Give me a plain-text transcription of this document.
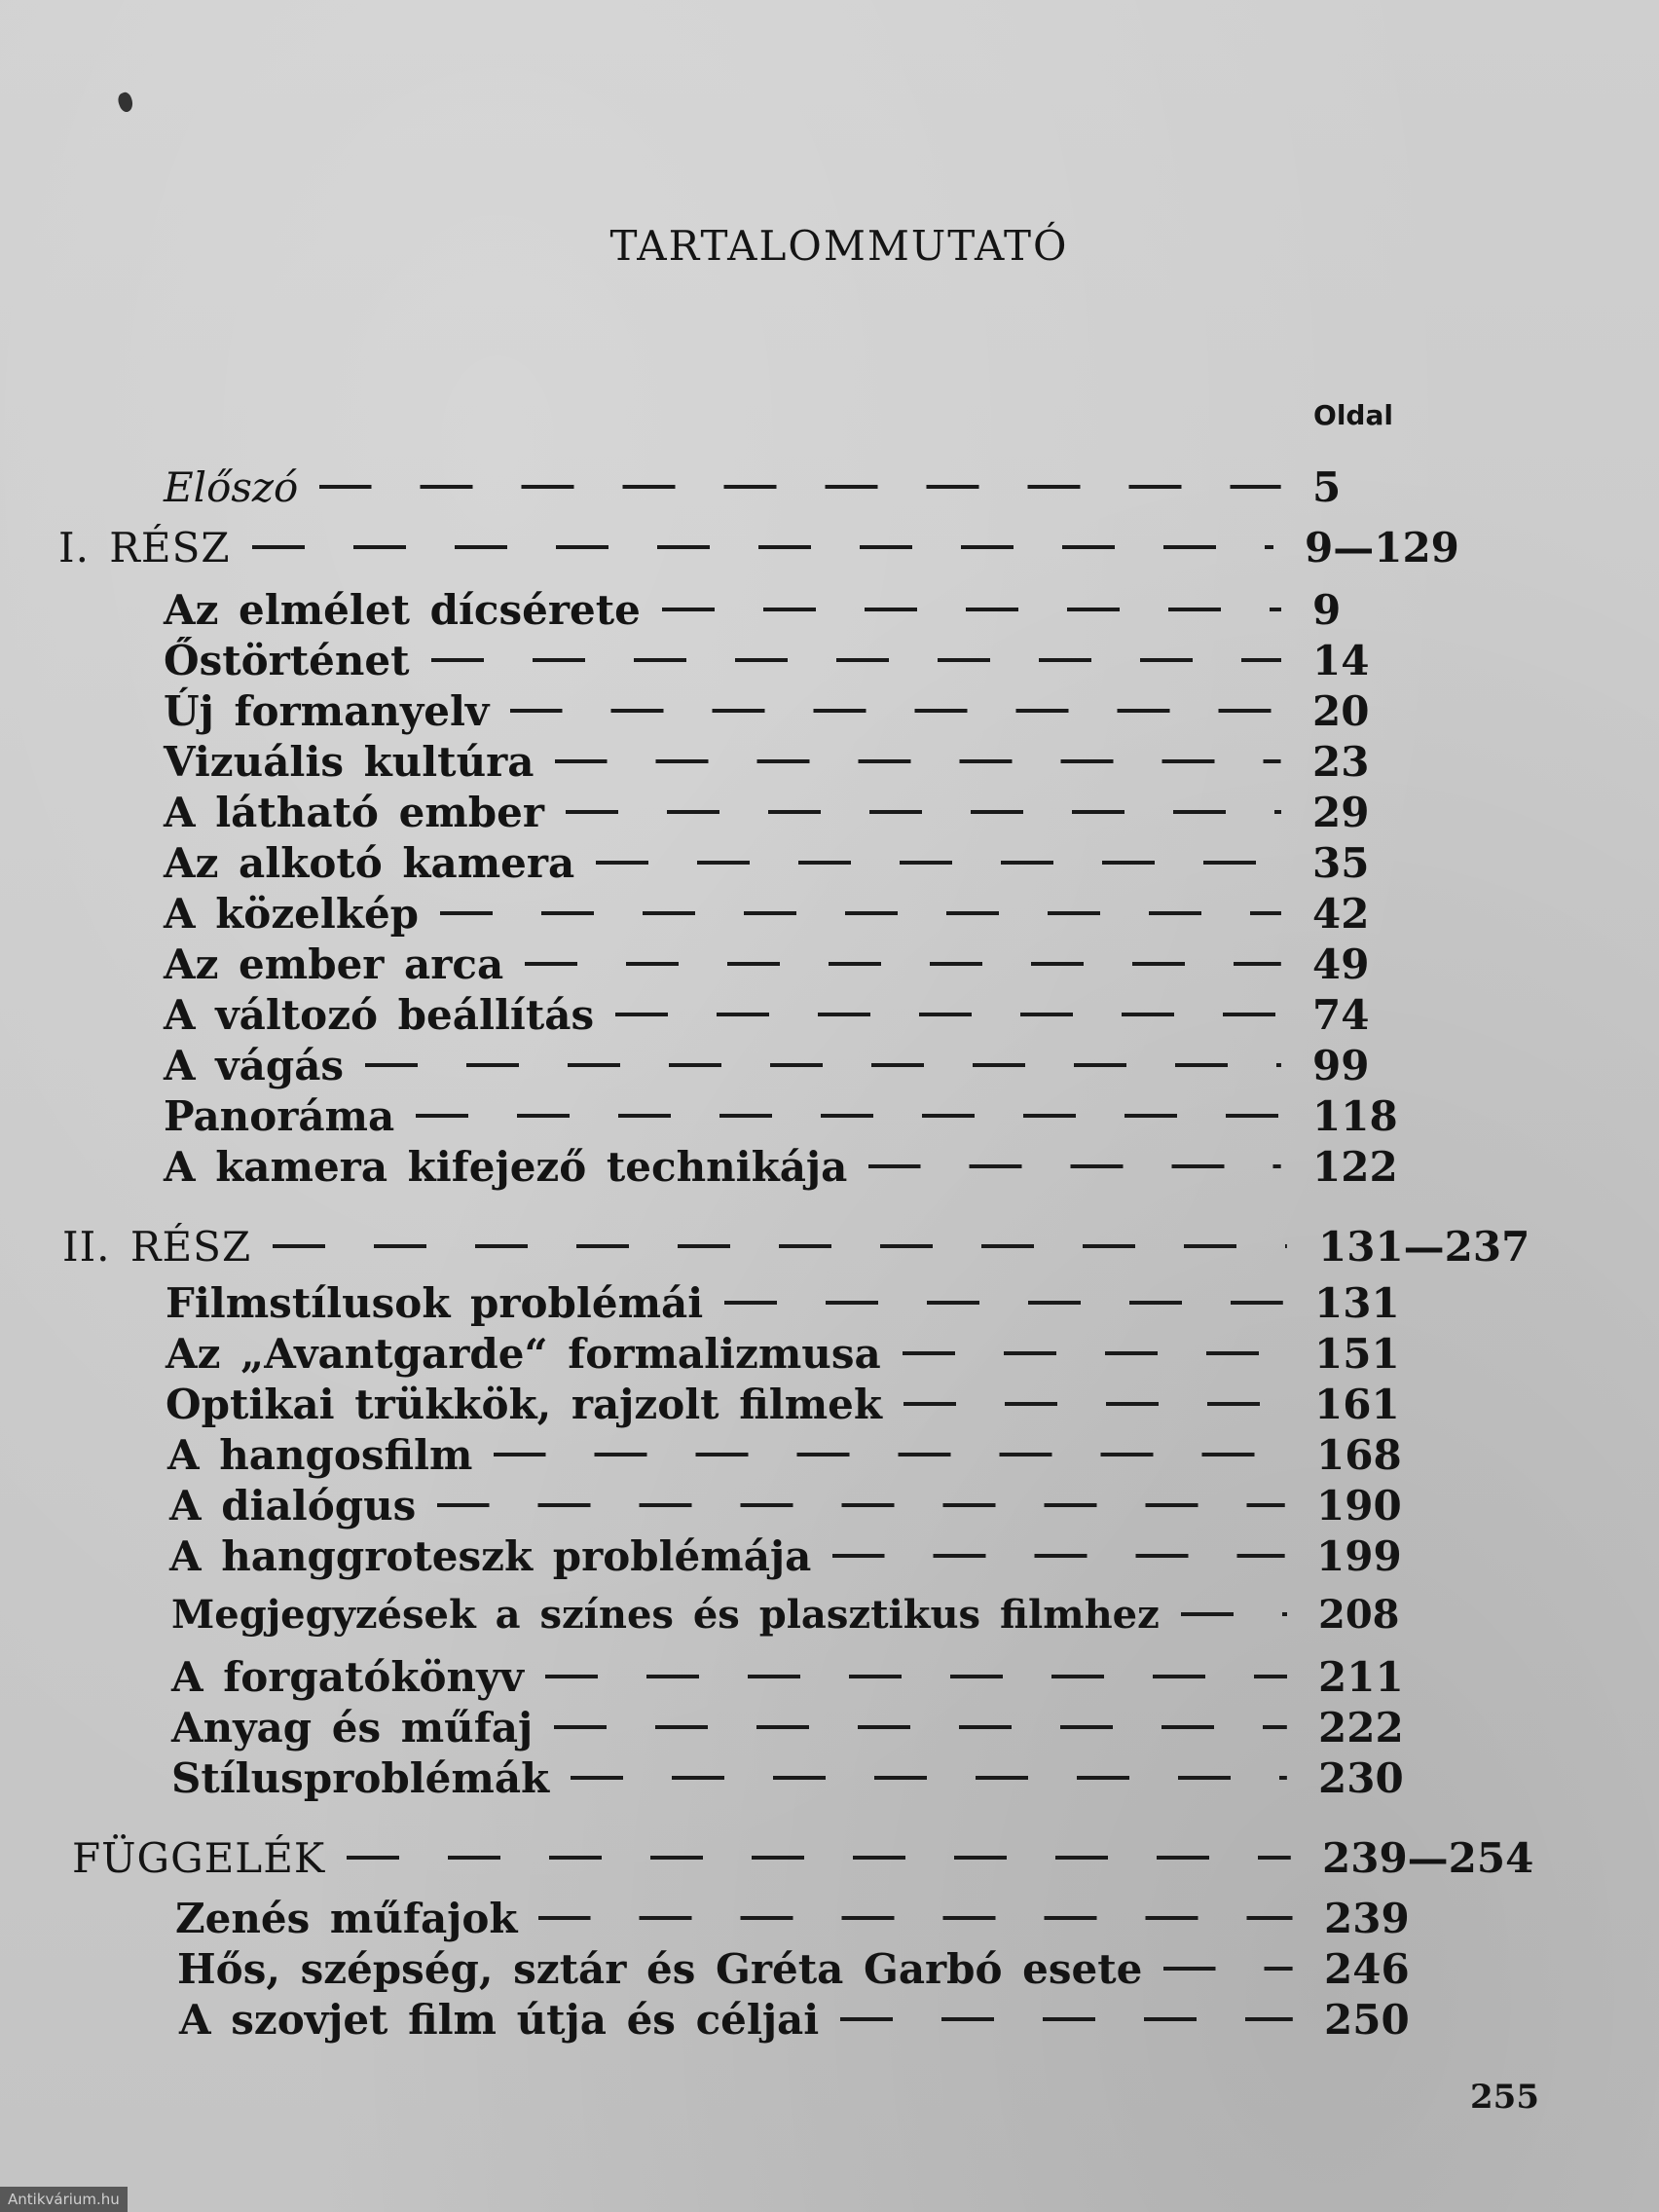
TARTALOMMUTATÓ
Oldal
Előszó	5
I. RÉSZ	9—129
Az elmélet dícsérete	9
Őstörténet	14
Új formanyelv	20
Vizuális kultúra	23
A látható ember	29
Az alkotó kamera	35
A közelkép	42
Az ember arca	49
A változó beállítás	74
A vágás	99
Panoráma	118
A kamera kifejező technikája	122
II. RÉSZ	131—237
Filmstílusok problémái	131
Az „Avantgarde“ formalizmusa	151
Optikai trükkök, rajzolt filmek	161
A hangosfilm	168
A dialógus	190
A hanggroteszk problémája	199
Megjegyzések a színes és plasztikus filmhez	208
A forgatókönyv	211
Anyag és műfaj	222
Stílusproblémák	230
FÜGGELÉK	239—254
Zenés műfajok	239
Hős, szépség, sztár és Gréta Garbó esete	246
A szovjet film útja és céljai	250
255
Antikvárium.hu
